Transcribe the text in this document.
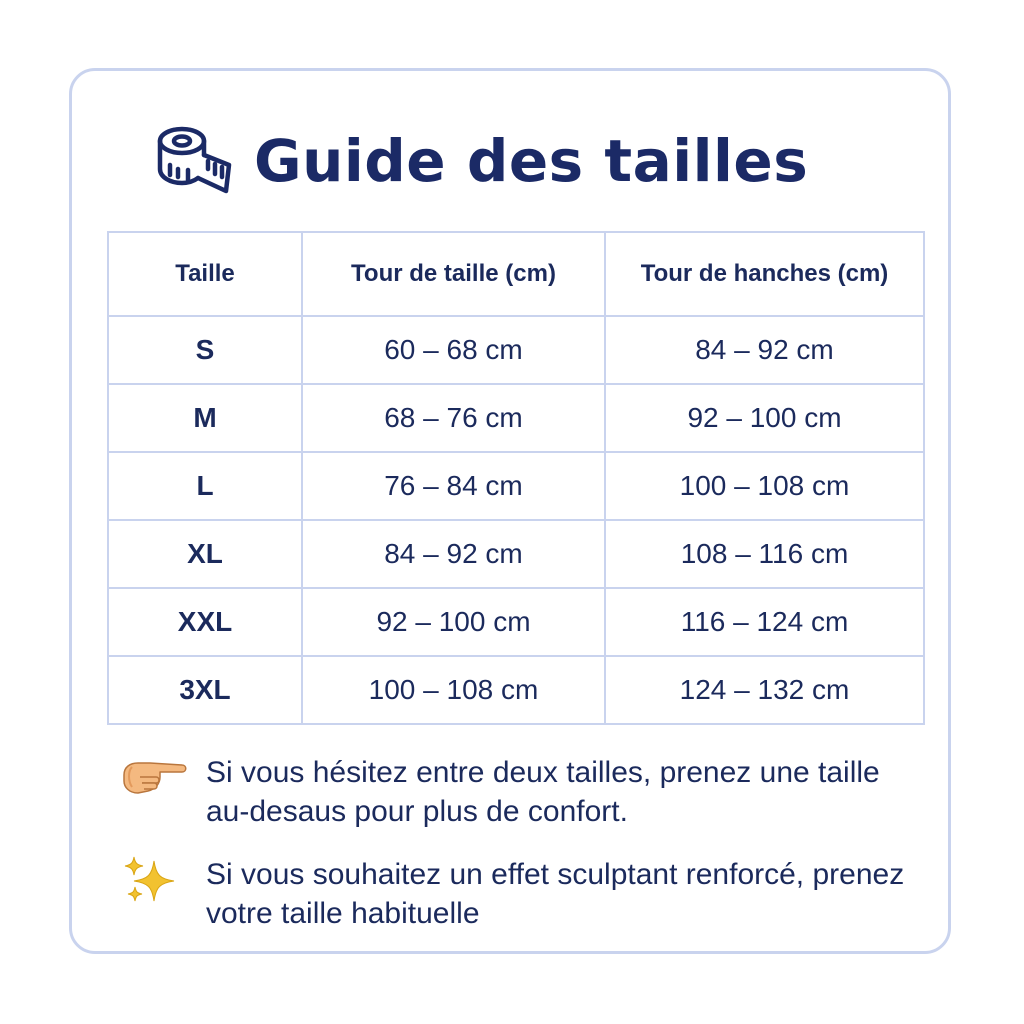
Guide des tailles
Taille	Tour de taille (cm)	Tour de hanches (cm)
S	60 – 68 cm	84 – 92 cm
M	68 – 76 cm	92 – 100 cm
L	76 – 84 cm	100 – 108 cm
XL	84 – 92 cm	108 – 116 cm
XXL	92 – 100 cm	116 – 124 cm
3XL	100 – 108 cm	124 – 132 cm
Si vous hésitez entre deux tailles, prenez une taille au-desaus pour plus de confort.
Si vous souhaitez un effet sculptant renforcé, prenez votre taille habituelle
